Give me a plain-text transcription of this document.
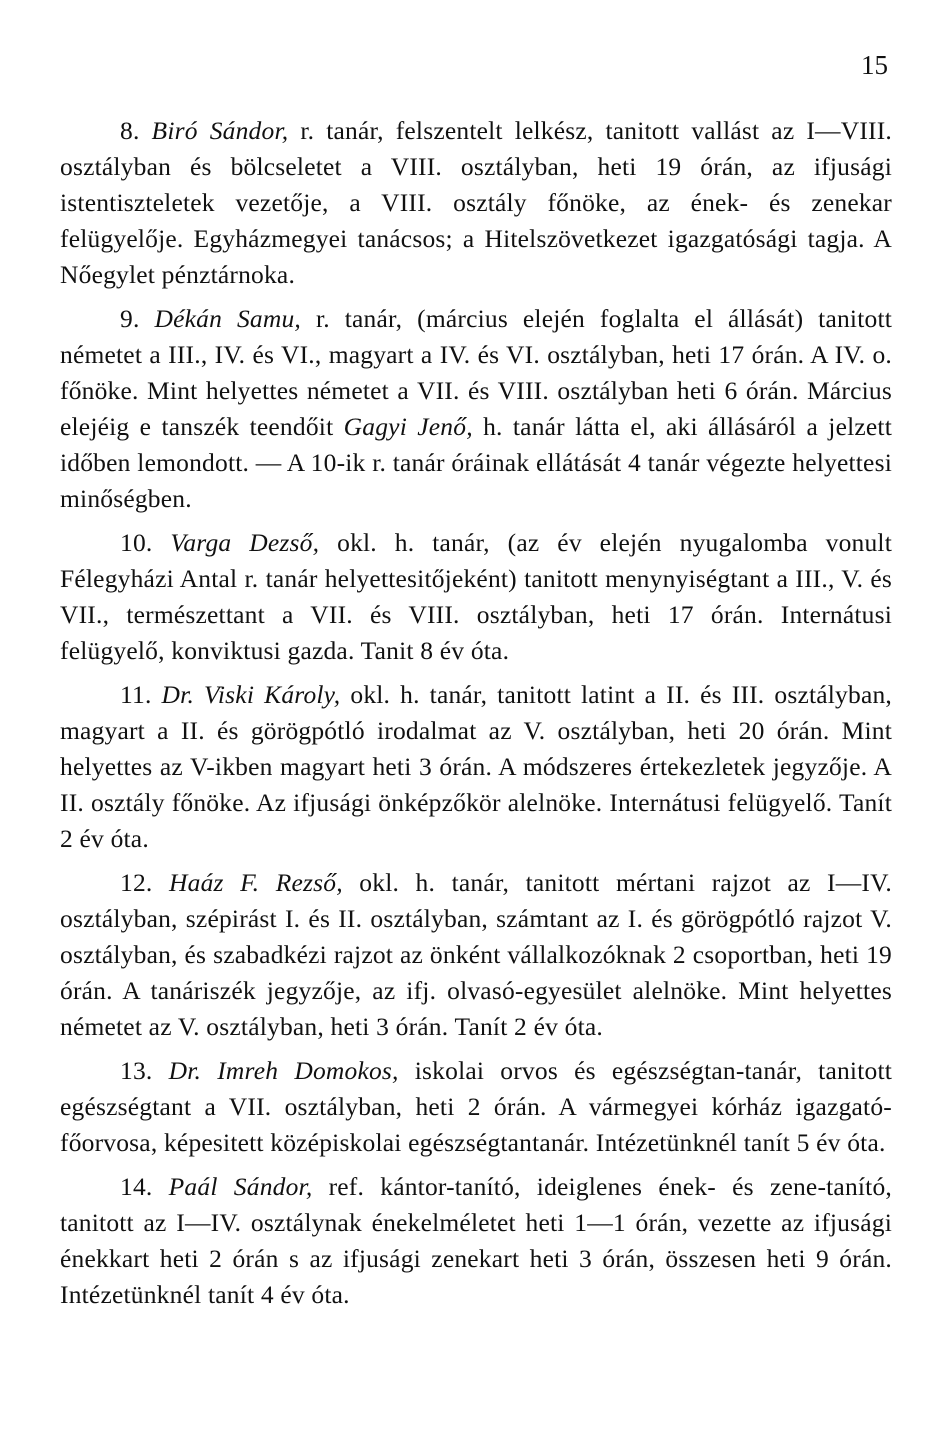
15

8. Biró Sándor, r. tanár, felszentelt lelkész, tanitott vallást az I—VIII. osztályban és bölcseletet a VIII. osztályban, heti 19 órán, az ifjusági istentiszteletek vezetője, a VIII. osztály főnöke, az ének- és zenekar felügyelője. Egyházmegyei tanácsos; a Hitelszövetkezet igazgatósági tagja. A Nőegylet pénztárnoka.

9. Dékán Samu, r. tanár, (március elején foglalta el állását) tanitott németet a III., IV. és VI., magyart a IV. és VI. osztályban, heti 17 órán. A IV. o. főnöke. Mint helyettes németet a VII. és VIII. osztályban heti 6 órán. Március elejéig e tanszék teendőit Gagyi Jenő, h. tanár látta el, aki állásáról a jelzett időben lemondott. — A 10-ik r. tanár óráinak ellátását 4 tanár végezte helyettesi minőségben.

10. Varga Dezső, okl. h. tanár, (az év elején nyugalomba vonult Félegyházi Antal r. tanár helyettesitőjeként) tanitott menynyiségtant a III., V. és VII., természettant a VII. és VIII. osztályban, heti 17 órán. Internátusi felügyelő, konviktusi gazda. Tanit 8 év óta.

11. Dr. Viski Károly, okl. h. tanár, tanitott latint a II. és III. osztályban, magyart a II. és görögpótló irodalmat az V. osztályban, heti 20 órán. Mint helyettes az V-ikben magyart heti 3 órán. A módszeres értekezletek jegyzője. A II. osztály főnöke. Az ifjusági önképzőkör alelnöke. Internátusi felügyelő. Tanít 2 év óta.

12. Haáz F. Rezső, okl. h. tanár, tanitott mértani rajzot az I—IV. osztályban, szépirást I. és II. osztályban, számtant az I. és görögpótló rajzot V. osztályban, és szabadkézi rajzot az önként vállalkozóknak 2 csoportban, heti 19 órán. A tanáriszék jegyzője, az ifj. olvasó-egyesület alelnöke. Mint helyettes németet az V. osztályban, heti 3 órán. Tanít 2 év óta.

13. Dr. Imreh Domokos, iskolai orvos és egészségtan-tanár, tanitott egészségtant a VII. osztályban, heti 2 órán. A vármegyei kórház igazgató-főorvosa, képesitett középiskolai egészségtantanár. Intézetünknél tanít 5 év óta.

14. Paál Sándor, ref. kántor-tanító, ideiglenes ének- és zene-tanító, tanitott az I—IV. osztálynak énekelméletet heti 1—1 órán, vezette az ifjusági énekkart heti 2 órán s az ifjusági zenekart heti 3 órán, összesen heti 9 órán. Intézetünknél tanít 4 év óta.
